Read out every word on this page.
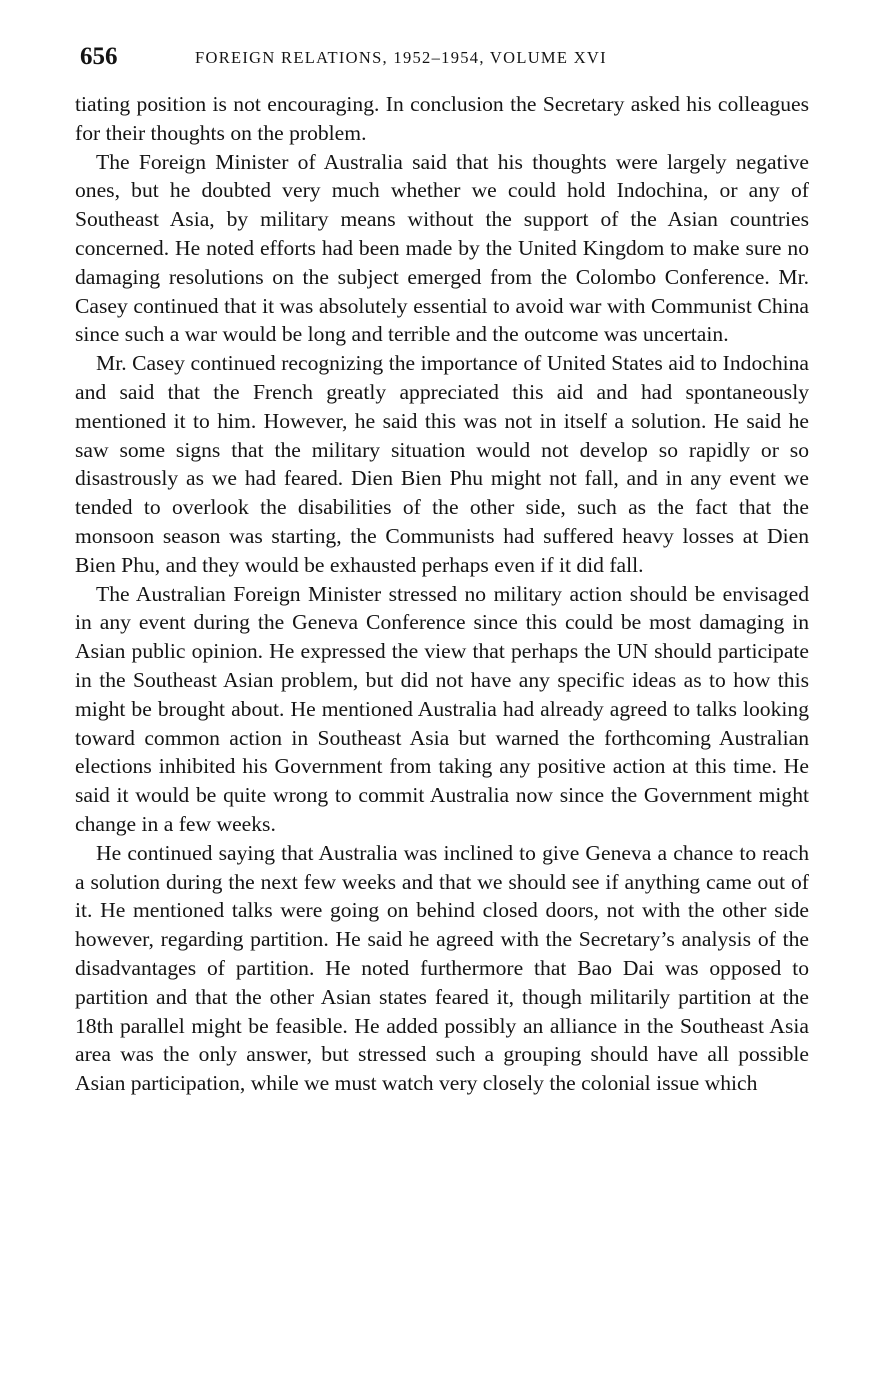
656	FOREIGN RELATIONS, 1952–1954, VOLUME XVI

tiating position is not encouraging. In conclusion the Secretary asked his colleagues for their thoughts on the problem.

The Foreign Minister of Australia said that his thoughts were largely negative ones, but he doubted very much whether we could hold Indochina, or any of Southeast Asia, by military means without the support of the Asian countries concerned. He noted efforts had been made by the United Kingdom to make sure no damaging resolutions on the subject emerged from the Colombo Conference. Mr. Casey continued that it was absolutely essential to avoid war with Communist China since such a war would be long and terrible and the outcome was uncertain.

Mr. Casey continued recognizing the importance of United States aid to Indochina and said that the French greatly appreciated this aid and had spontaneously mentioned it to him. However, he said this was not in itself a solution. He said he saw some signs that the military situation would not develop so rapidly or so disastrously as we had feared. Dien Bien Phu might not fall, and in any event we tended to overlook the disabilities of the other side, such as the fact that the monsoon season was starting, the Communists had suffered heavy losses at Dien Bien Phu, and they would be exhausted perhaps even if it did fall.

The Australian Foreign Minister stressed no military action should be envisaged in any event during the Geneva Conference since this could be most damaging in Asian public opinion. He expressed the view that perhaps the UN should participate in the Southeast Asian problem, but did not have any specific ideas as to how this might be brought about. He mentioned Australia had already agreed to talks looking toward common action in Southeast Asia but warned the forthcoming Australian elections inhibited his Government from taking any positive action at this time. He said it would be quite wrong to commit Australia now since the Government might change in a few weeks.

He continued saying that Australia was inclined to give Geneva a chance to reach a solution during the next few weeks and that we should see if anything came out of it. He mentioned talks were going on behind closed doors, not with the other side however, regarding partition. He said he agreed with the Secretary’s analysis of the disadvantages of partition. He noted furthermore that Bao Dai was opposed to partition and that the other Asian states feared it, though militarily partition at the 18th parallel might be feasible. He added possibly an alliance in the Southeast Asia area was the only answer, but stressed such a grouping should have all possible Asian participation, while we must watch very closely the colonial issue which
